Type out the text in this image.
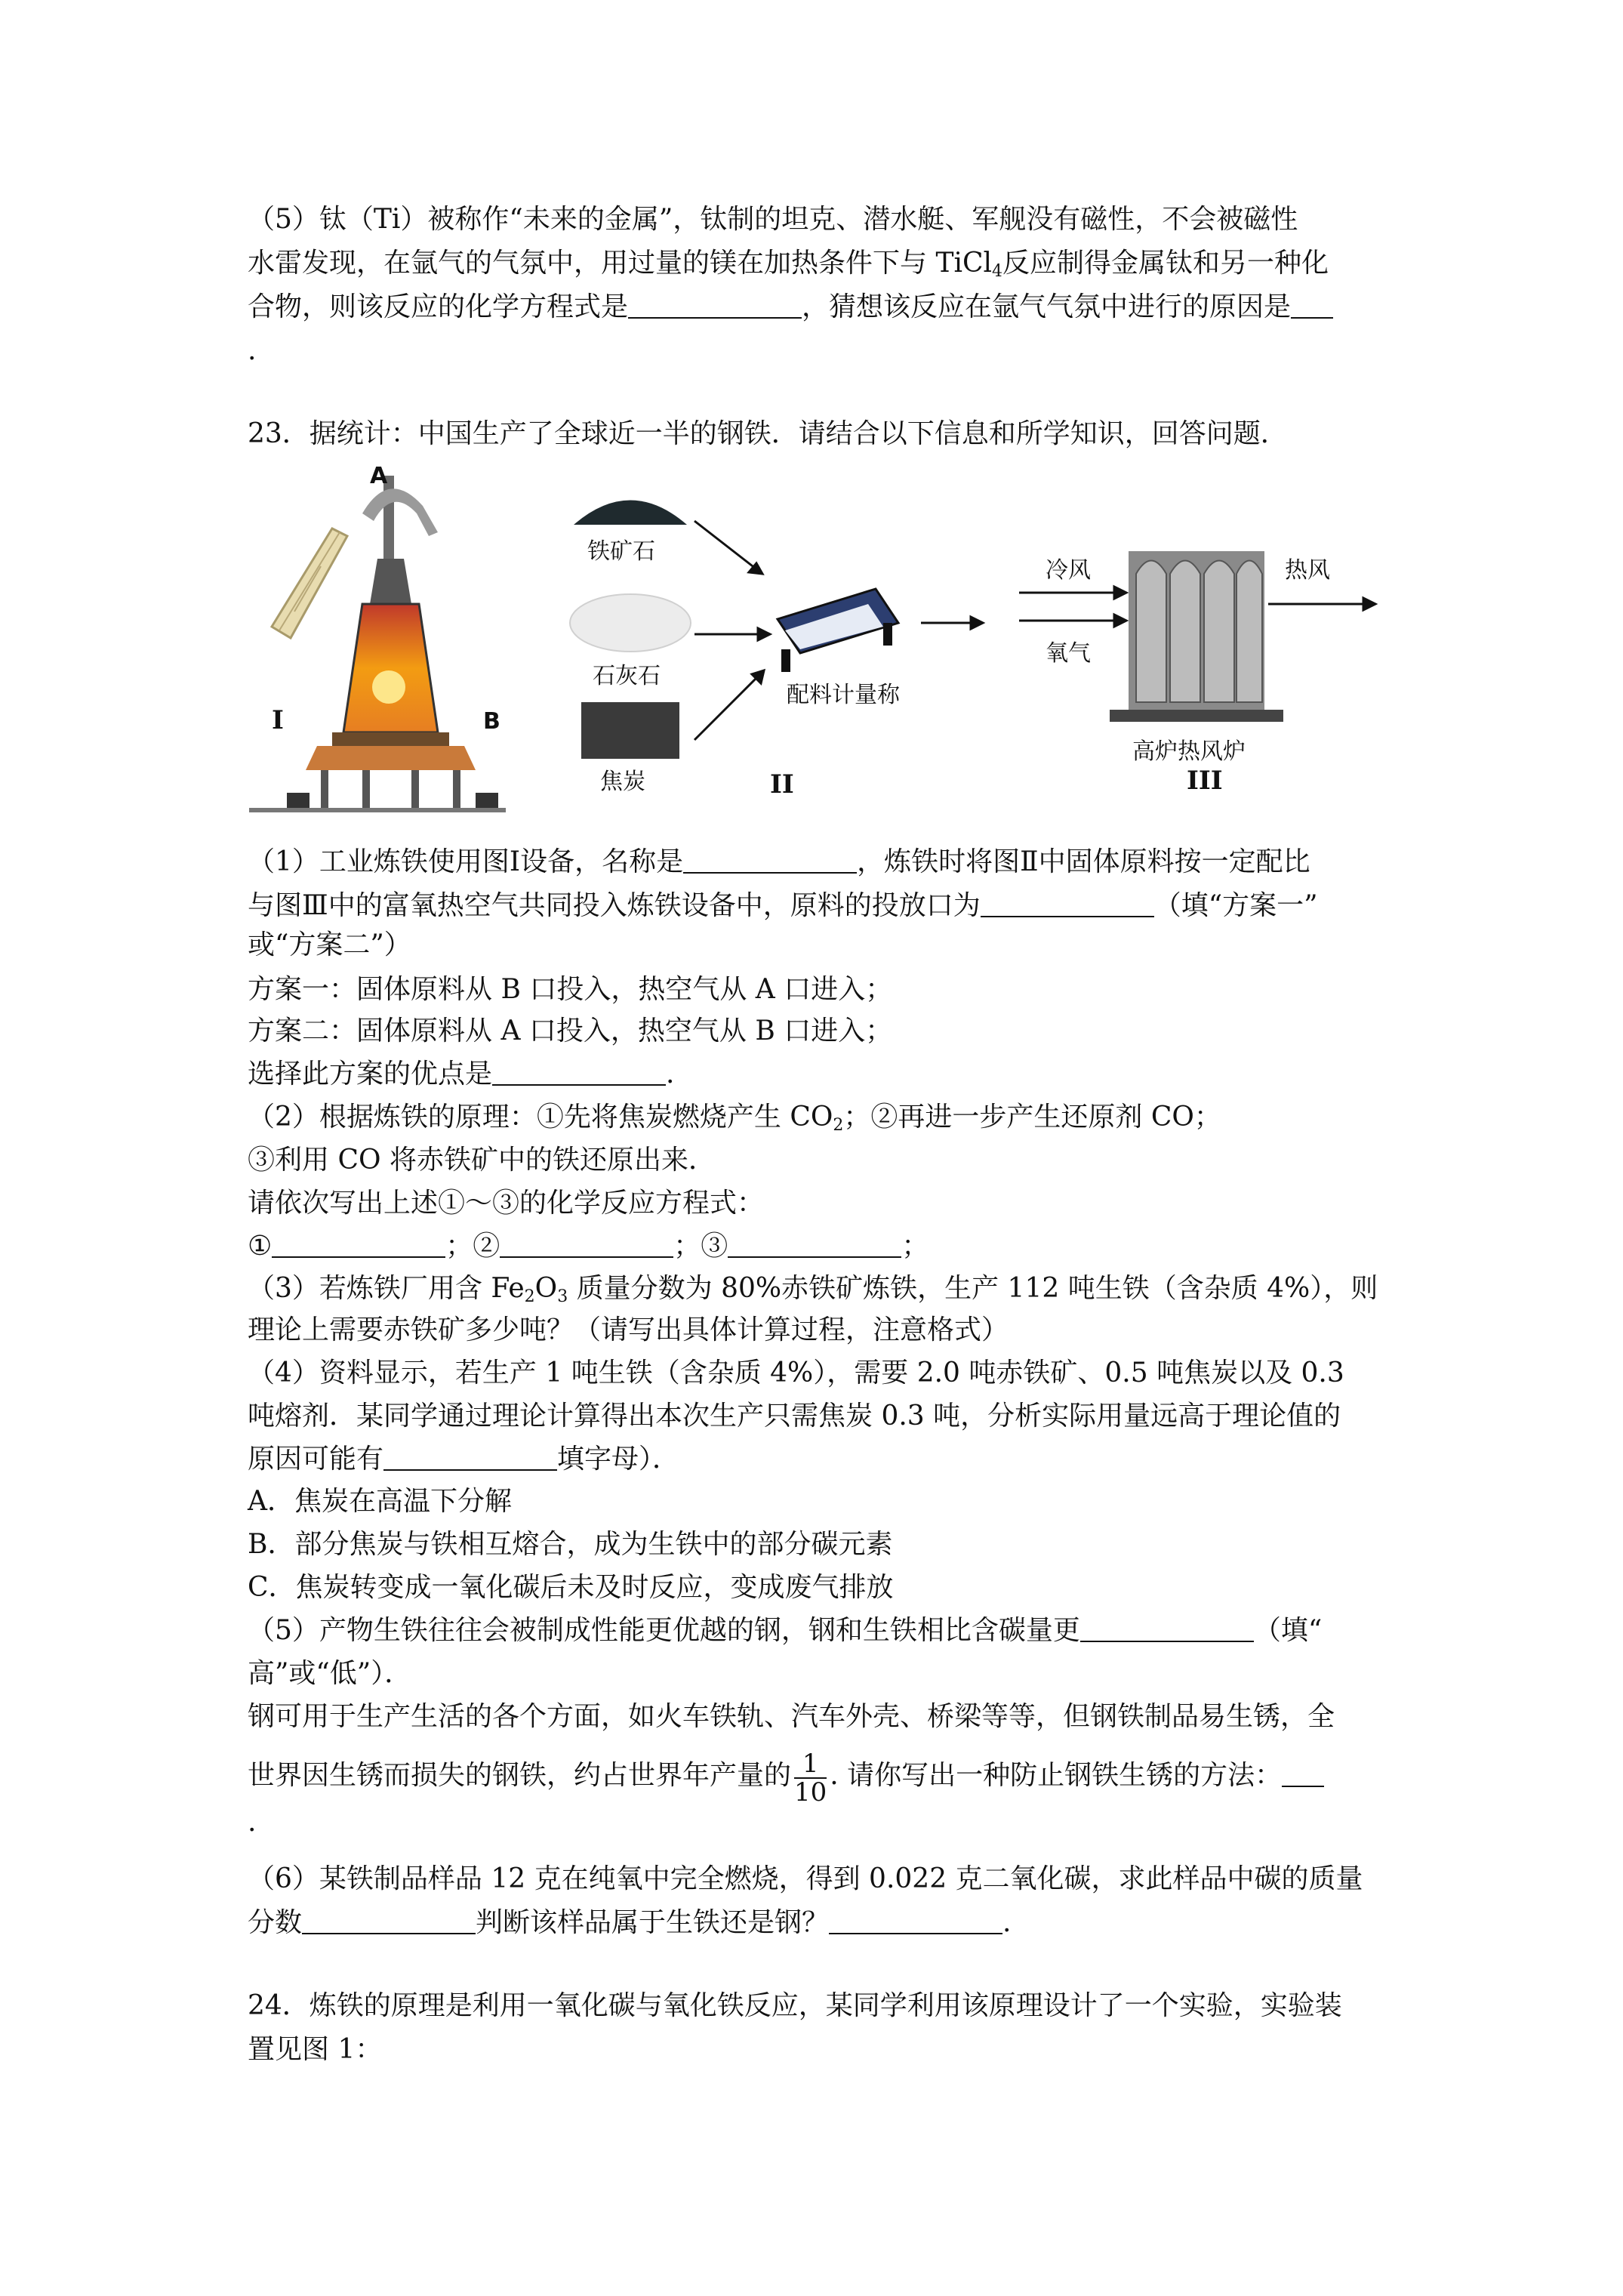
（5）钛（Ti）被称作“未来的金属”，钛制的坦克、潜水艇、军舰没有磁性，不会被磁性
水雷发现，在氩气的气氛中，用过量的镁在加热条件下与 TiCl$_4$反应制得金属钛和另一种化
合物，则该反应的化学方程式是	，猜想该反应在氩气气氛中进行的原因是
.
23．据统计：中国生产了全球近一半的钢铁．请结合以下信息和所学知识，回答问题．
A
B
I
铁矿石
石灰石
焦炭
配料计量称
II
冷风
氧气
热风
高炉热风炉
III
（1）工业炼铁使用图Ⅰ设备，名称是	，炼铁时将图Ⅱ中固体原料按一定配比
与图Ⅲ中的富氧热空气共同投入炼铁设备中，原料的投放口为	（填“方案一”
或“方案二”）
方案一：固体原料从 B 口投入，热空气从 A 口进入；
方案二：固体原料从 A 口投入，热空气从 B 口进入；
选择此方案的优点是	.
（2）根据炼铁的原理：①先将焦炭燃烧产生 $CO_2$；②再进一步产生还原剂 CO；
③利用 CO 将赤铁矿中的铁还原出来．
请依次写出上述①～③的化学反应方程式：
①	；②	；③	；
（3）若炼铁厂用含 $Fe_2O_3$ 质量分数为 80%赤铁矿炼铁，生产 112 吨生铁（含杂质 4%），则
理论上需要赤铁矿多少吨？（请写出具体计算过程，注意格式）
（4）资料显示，若生产 1 吨生铁（含杂质 4%），需要 2.0 吨赤铁矿、0.5 吨焦炭以及 0.3
吨熔剂．某同学通过理论计算得出本次生产只需焦炭 0.3 吨，分析实际用量远高于理论值的
原因可能有	填字母）．
A．焦炭在高温下分解
B．部分焦炭与铁相互熔合，成为生铁中的部分碳元素
C．焦炭转变成一氧化碳后未及时反应，变成废气排放
（5）产物生铁往往会被制成性能更优越的钢，钢和生铁相比含碳量更	（填“
高”或“低”）．
钢可用于生产生活的各个方面，如火车铁轨、汽车外壳、桥梁等等，但钢铁制品易生锈，全
世界因生锈而损失的钢铁，约占世界年产量的 $\frac{1}{10}$ . 请你写出一种防止钢铁生锈的方法：
.
（6）某铁制品样品 12 克在纯氧中完全燃烧，得到 0.022 克二氧化碳，求此样品中碳的质量
分数	判断该样品属于生铁还是钢？	.
24．炼铁的原理是利用一氧化碳与氧化铁反应，某同学利用该原理设计了一个实验，实验装
置见图 1：
